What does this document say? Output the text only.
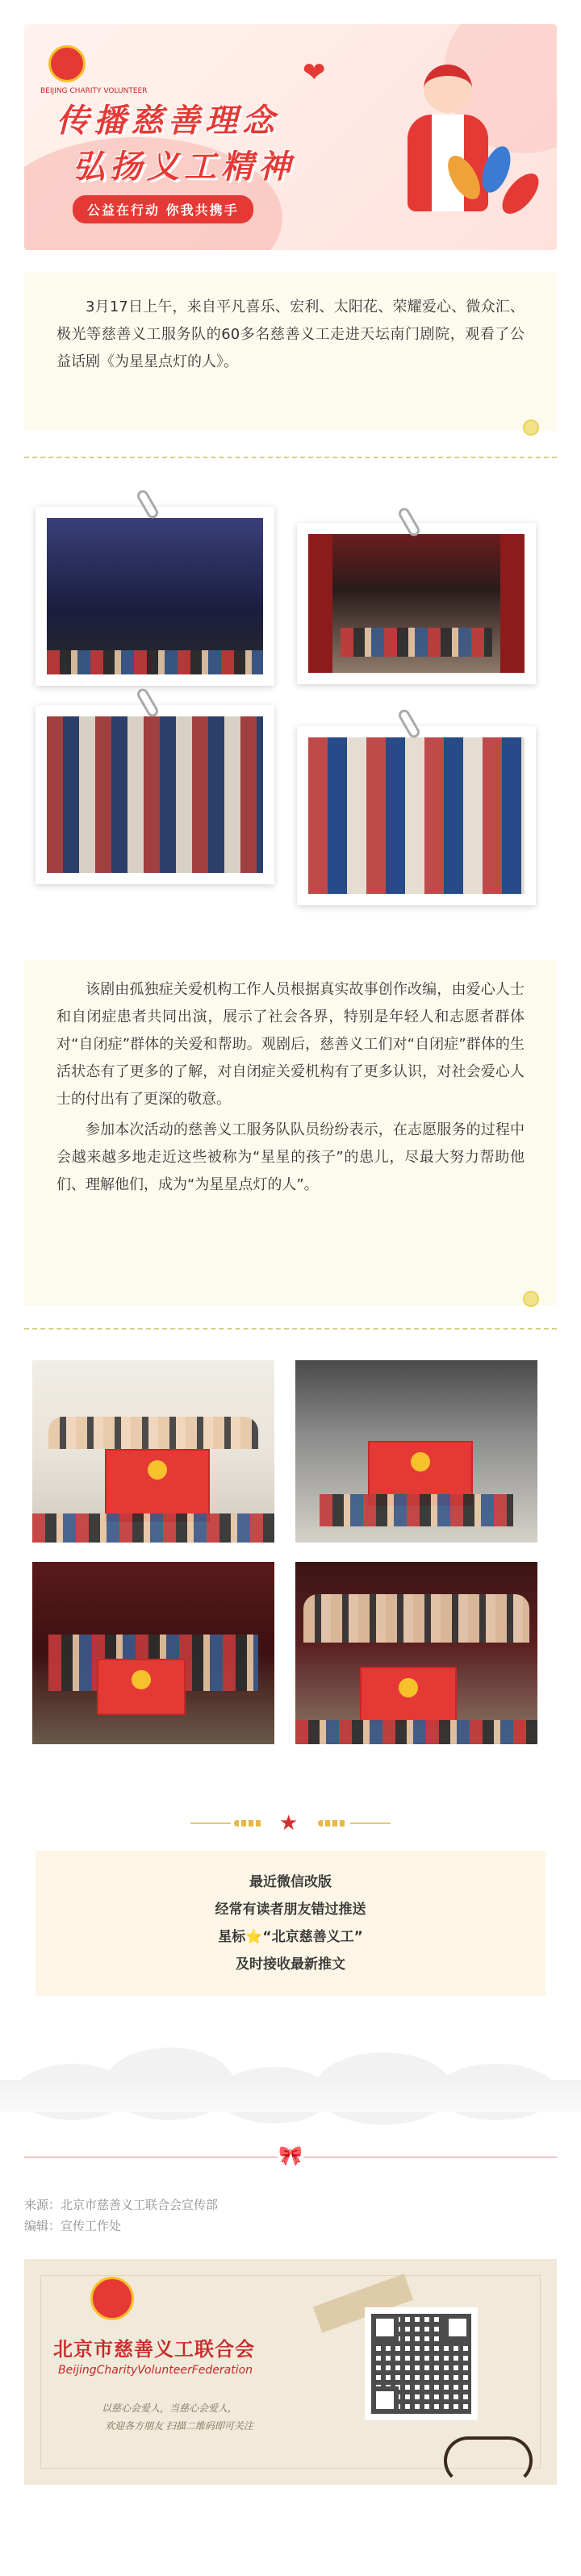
BEIJING CHARITY VOLUNTEER
❤
传播慈善理念
弘扬义工精神
公益在行动 你我共携手

3月17日上午，来自平凡喜乐、宏利、太阳花、荣耀爱心、微众汇、极光等慈善义工服务队的60多名慈善义工走进天坛南门剧院，观看了公益话剧《为星星点灯的人》。

该剧由孤独症关爱机构工作人员根据真实故事创作改编，由爱心人士和自闭症患者共同出演，展示了社会各界，特别是年轻人和志愿者群体对“自闭症”群体的关爱和帮助。观剧后，慈善义工们对“自闭症”群体的生活状态有了更多的了解，对自闭症关爱机构有了更多认识，对社会爱心人士的付出有了更深的敬意。

参加本次活动的慈善义工服务队队员纷纷表示，在志愿服务的过程中会越来越多地走近这些被称为“星星的孩子”的患儿，尽最大努力帮助他们、理解他们，成为“为星星点灯的人”。

★

最近微信改版

经常有读者朋友错过推送

星标⭐“北京慈善义工”

及时接收最新推文

🎀
来源：北京市慈善义工联合会宣传部
编辑：宣传工作处
北京市慈善义工联合会
BeijingCharityVolunteerFederation
以慈心会爱人，当慈心会爱人，
欢迎各方朋友 扫描二维码即可关注
